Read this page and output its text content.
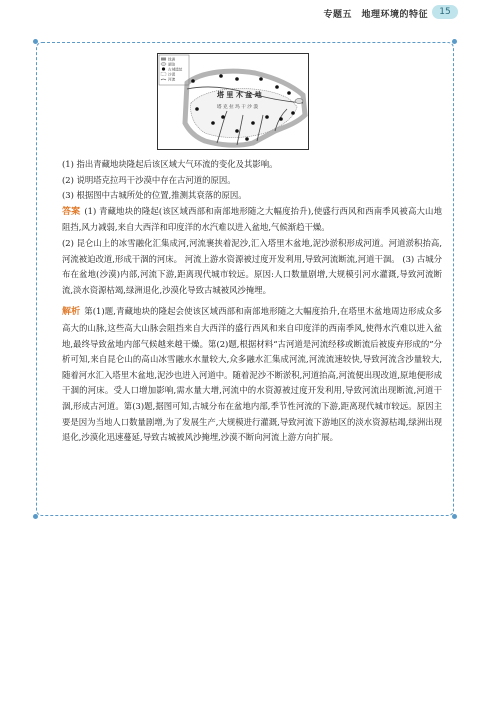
专题五　地理环境的特征	15
绿洲
湖泊
古城遗址
沙漠
河流
塔 里 木 盆 地
塔 克 拉 玛 干 沙 漠

(1) 指出青藏地块隆起后该区域大气环流的变化及其影响。

(2) 说明塔克拉玛干沙漠中存在古河道的原因。

(3) 根据图中古城所处的位置,推测其衰落的原因。

答案 (1) 青藏地块的隆起(该区域西部和南部地形随之大幅度抬升),使盛行西风和西南季风被高大山地阻挡,风力减弱,来自大西洋和印度洋的水汽难以进入盆地,气候渐趋干燥。

(2) 昆仑山上的冰雪融化汇集成河,河流裹挟着泥沙,汇入塔里木盆地,泥沙淤积形成河道。河道淤积抬高,河流被迫改道,形成干涸的河床。 河流上游水资源被过度开发利用,导致河流断流,河道干涸。 (3) 古城分布在盆地(沙漠)内部,河流下游,距离现代城市较远。原因:人口数量剧增,大规模引河水灌溉,导致河流断流,淡水资源枯竭,绿洲退化,沙漠化导致古城被风沙掩埋。

解析 第(1)题,青藏地块的隆起会使该区域西部和南部地形随之大幅度抬升,在塔里木盆地周边形成众多高大的山脉,这些高大山脉会阻挡来自大西洋的盛行西风和来自印度洋的西南季风,使得水汽难以进入盆地,最终导致盆地内部气候越来越干燥。第(2)题,根据材料“古河道是河流经移或断流后被废弃形成的”分析可知,来自昆仑山的高山冰雪融水水量较大,众多融水汇集成河流,河流流速较快,导致河流含沙量较大,随着河水汇入塔里木盆地,泥沙也进入河道中。随着泥沙不断淤积,河道抬高,河流便出现改道,原地便形成干涸的河床。受人口增加影响,需水量大增,河流中的水资源被过度开发利用,导致河流出现断流,河道干涸,形成古河道。第(3)题,据图可知,古城分布在盆地内部,季节性河流的下游,距离现代城市较远。原因主要是因为当地人口数量剧增,为了发展生产,大规模进行灌溉,导致河流下游地区的淡水资源枯竭,绿洲出现退化,沙漠化迅速蔓延,导致古城被风沙掩埋,沙漠不断向河流上游方向扩展。
